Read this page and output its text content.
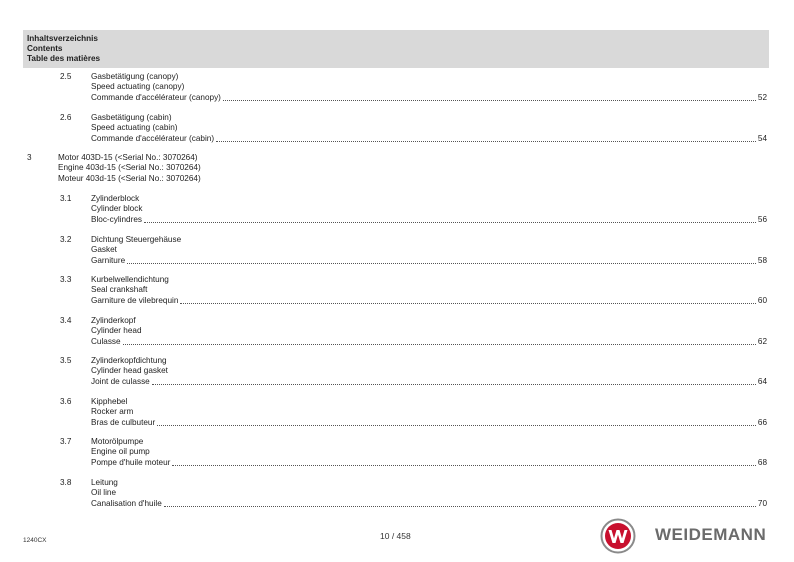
Inhaltsverzeichnis
Contents
Table des matières
2.5 Gasbetätigung (canopy)
Speed actuating (canopy)
Commande d'accélérateur (canopy)	52
2.6 Gasbetätigung (cabin)
Speed actuating (cabin)
Commande d'accélérateur (cabin)	54
3	Motor 403D-15 (<Serial No.: 3070264)
Engine 403d-15 (<Serial No.: 3070264)
Moteur 403d-15 (<Serial No.: 3070264)
3.1 Zylinderblock
Cylinder block
Bloc-cylindres	56
3.2 Dichtung Steuergehäuse
Gasket
Garniture	58
3.3 Kurbelwellendichtung
Seal crankshaft
Garniture de vilebrequin	60
3.4 Zylinderkopf
Cylinder head
Culasse	62
3.5 Zylinderkopfdichtung
Cylinder head gasket
Joint de culasse	64
3.6 Kipphebel
Rocker arm
Bras de culbuteur	66
3.7 Motorölpumpe
Engine oil pump
Pompe d'huile moteur	68
3.8 Leitung
Oil line
Canalisation d'huile	70
1240CX	10 / 458	WEIDEMANN
